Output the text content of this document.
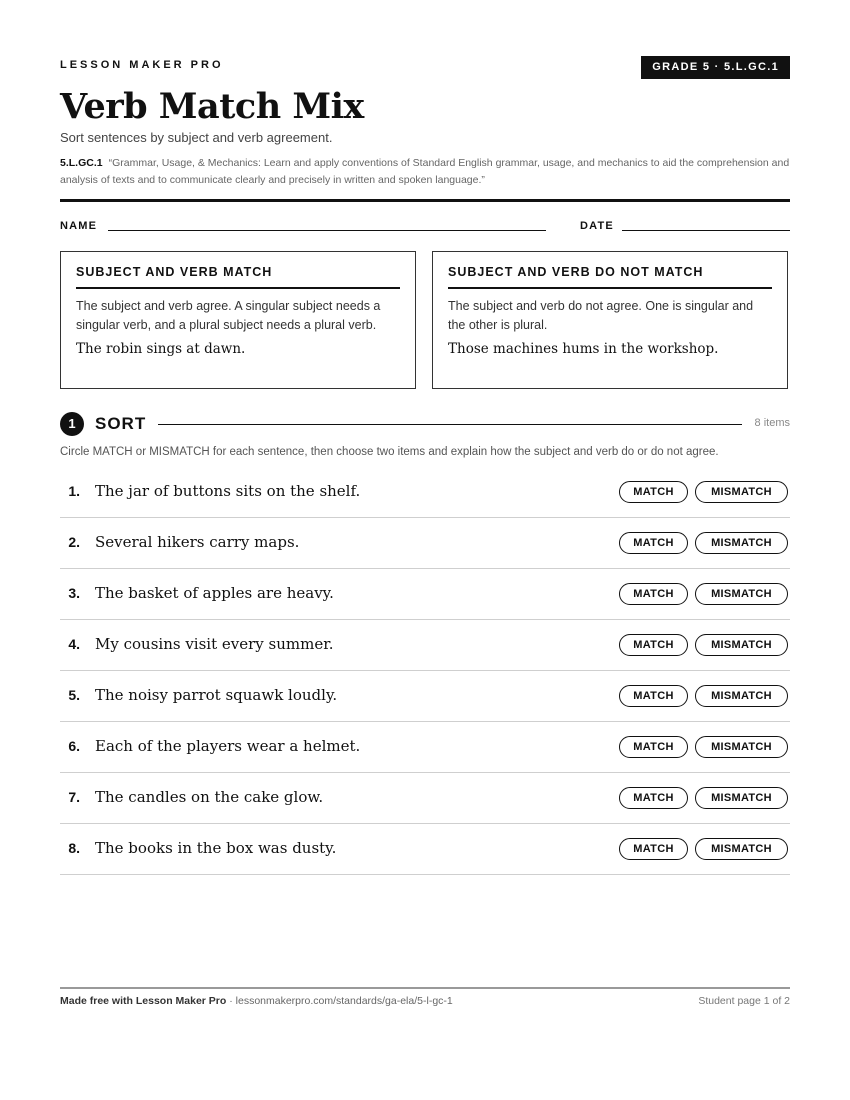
LESSON MAKER PRO	GRADE 5 · 5.L.GC.1
Verb Match Mix
Sort sentences by subject and verb agreement.
5.L.GC.1 “Grammar, Usage, & Mechanics: Learn and apply conventions of Standard English grammar, usage, and mechanics to aid the comprehension and analysis of texts and to communicate clearly and precisely in written and spoken language.”
NAME	DATE
SUBJECT AND VERB MATCH
The subject and verb agree. A singular subject needs a singular verb, and a plural subject needs a plural verb.
The robin sings at dawn.
SUBJECT AND VERB DO NOT MATCH
The subject and verb do not agree. One is singular and the other is plural.
Those machines hums in the workshop.
1	SORT	8 items
Circle MATCH or MISMATCH for each sentence, then choose two items and explain how the subject and verb do or do not agree.
1. The jar of buttons sits on the shelf.	MATCH	MISMATCH
2. Several hikers carry maps.	MATCH	MISMATCH
3. The basket of apples are heavy.	MATCH	MISMATCH
4. My cousins visit every summer.	MATCH	MISMATCH
5. The noisy parrot squawk loudly.	MATCH	MISMATCH
6. Each of the players wear a helmet.	MATCH	MISMATCH
7. The candles on the cake glow.	MATCH	MISMATCH
8. The books in the box was dusty.	MATCH	MISMATCH
Made free with Lesson Maker Pro · lessonmakerpro.com/standards/ga-ela/5-l-gc-1	Student page 1 of 2
